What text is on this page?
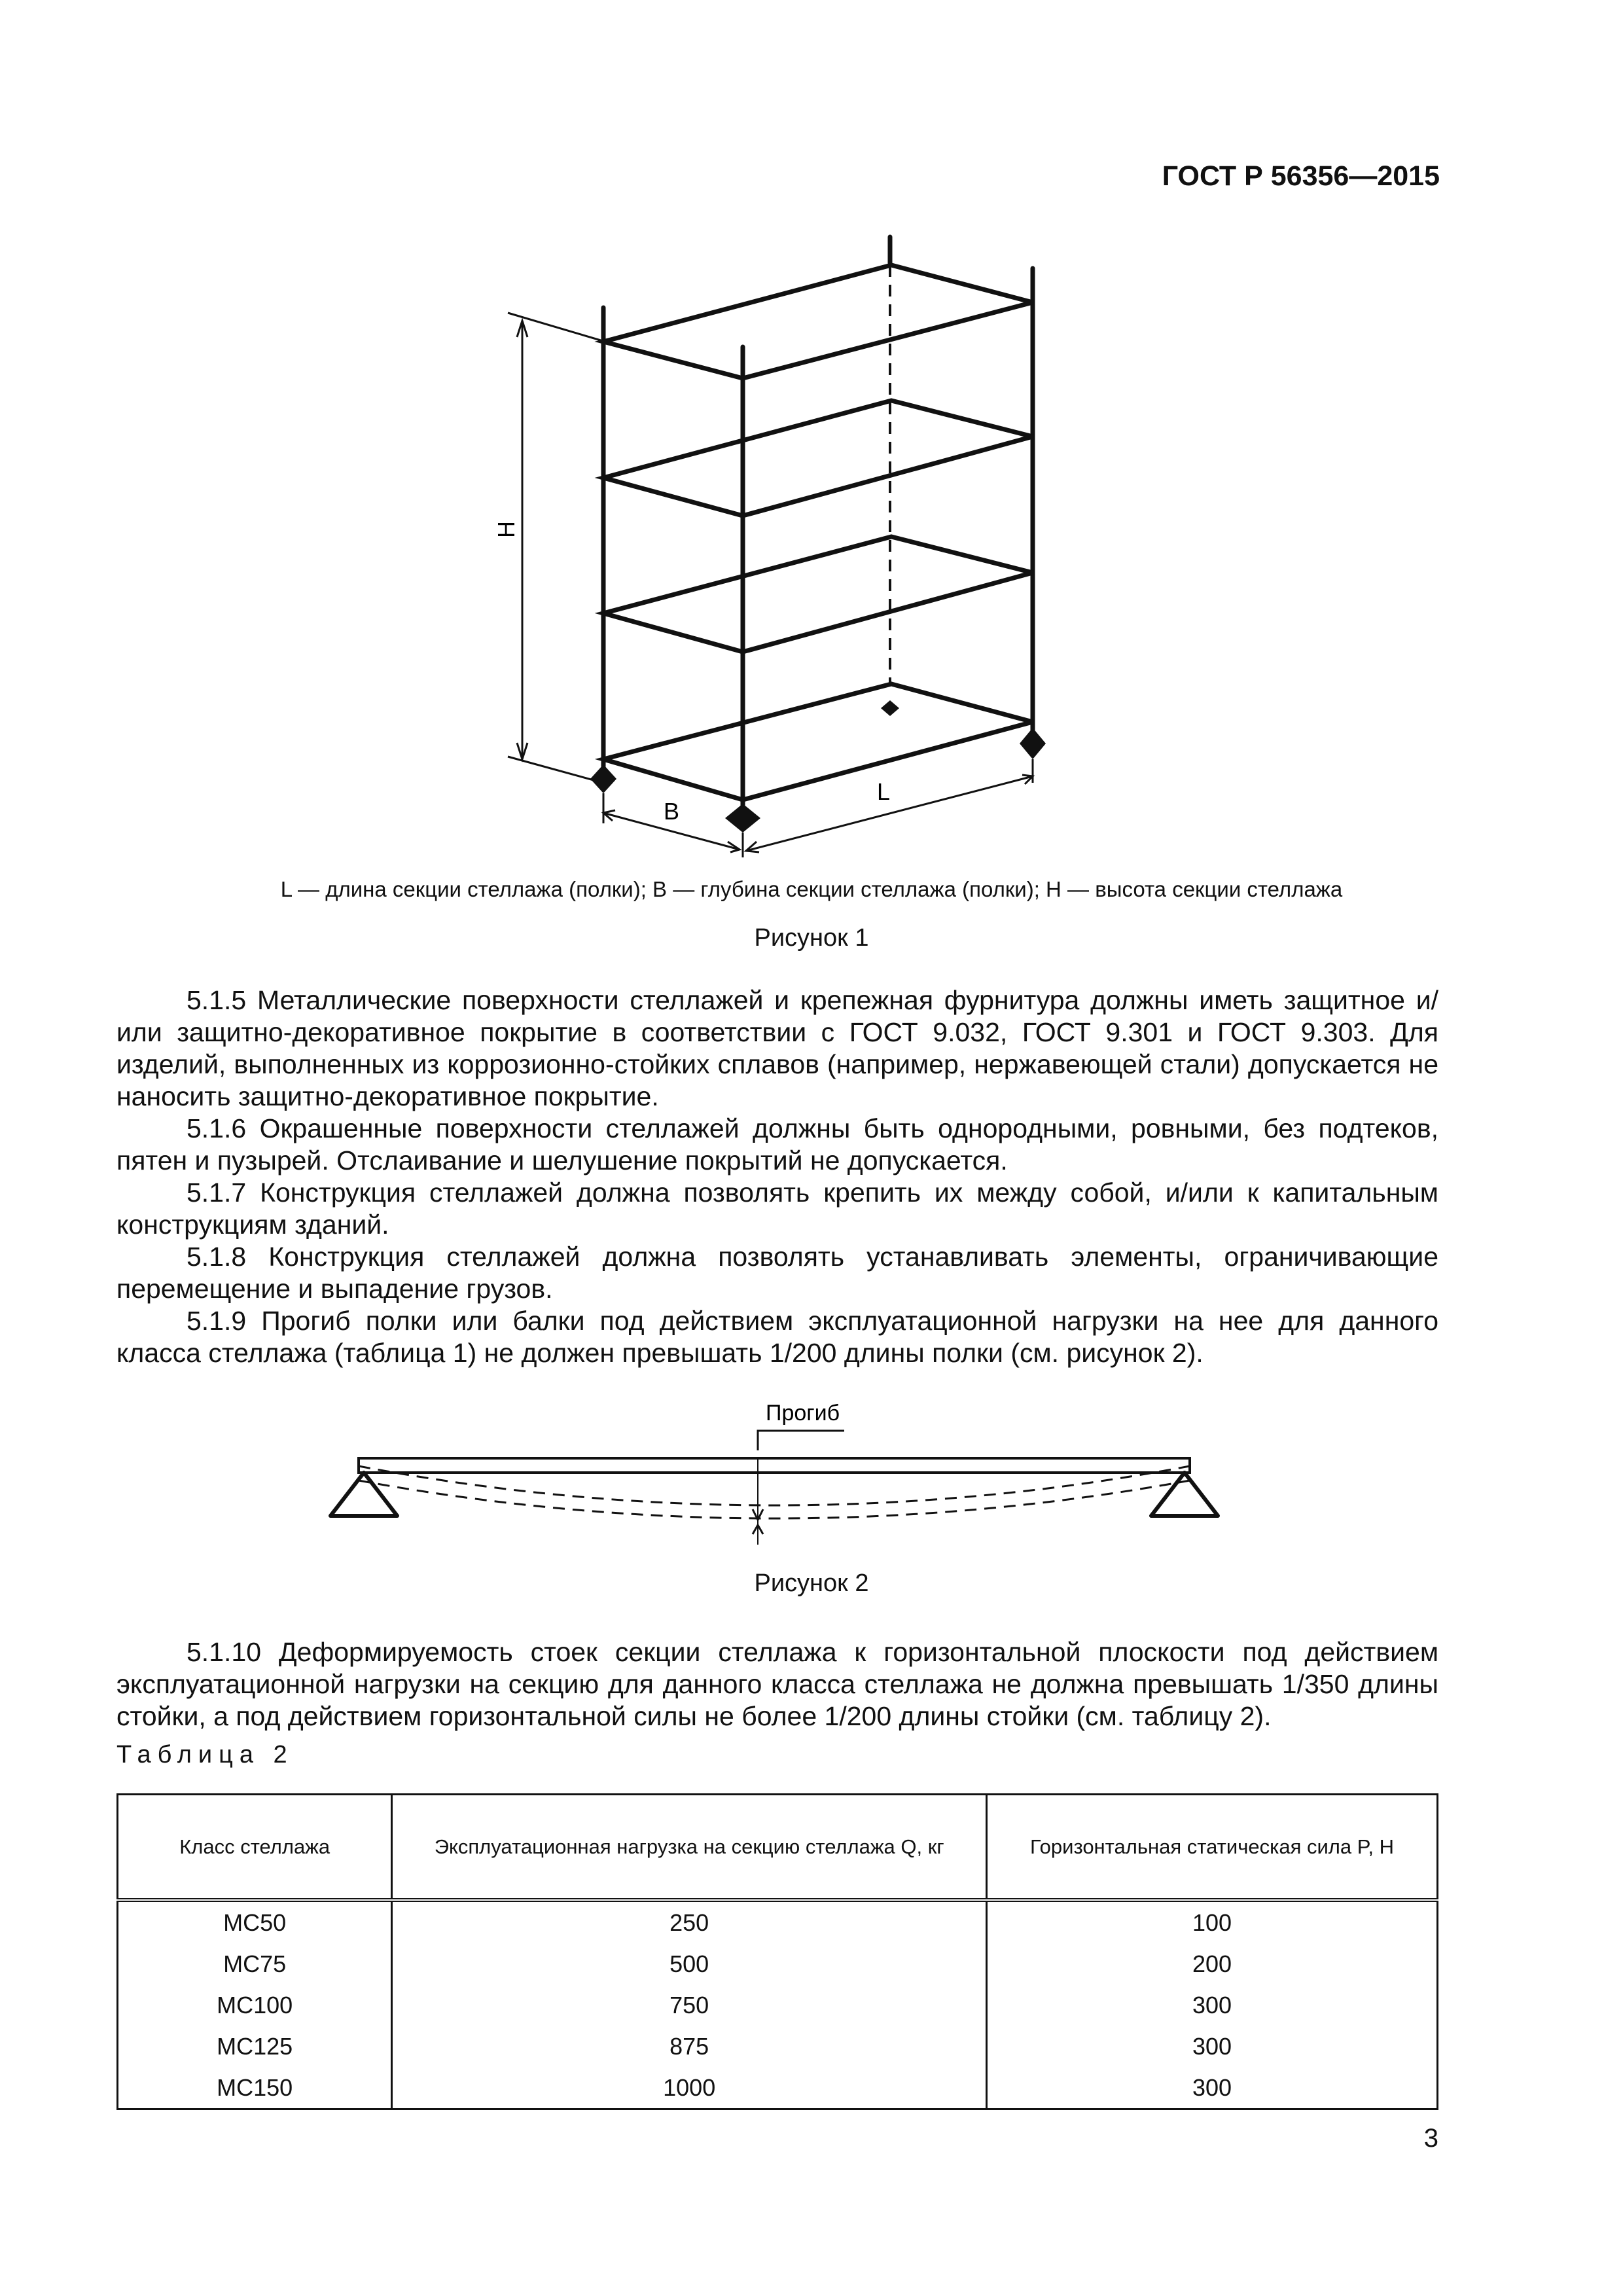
ГОСТ Р 56356—2015
H
B
L
L — длина секции стеллажа (полки); B — глубина секции стеллажа (полки); H — высота секции стеллажа
Рисунок 1
5.1.5 Металлические поверхности стеллажей и крепежная фурнитура должны иметь защитное и/или защитно-декоративное покрытие в соответствии с ГОСТ 9.032, ГОСТ 9.301 и ГОСТ 9.303. Для изделий, выполненных из коррозионно-стойких сплавов (например, нержавеющей стали) допускается не наносить защитно-декоративное покрытие.
5.1.6 Окрашенные поверхности стеллажей должны быть однородными, ровными, без подтеков, пятен и пузырей. Отслаивание и шелушение покрытий не допускается.
5.1.7 Конструкция стеллажей должна позволять крепить их между собой, и/или к капитальным конструкциям зданий.
5.1.8 Конструкция стеллажей должна позволять устанавливать элементы, ограничивающие перемещение и выпадение грузов.
5.1.9 Прогиб полки или балки под действием эксплуатационной нагрузки на нее для данного класса стеллажа (таблица 1) не должен превышать 1/200 длины полки (см. рисунок 2).
Прогиб
Рисунок 2
5.1.10 Деформируемость стоек секции стеллажа к горизонтальной плоскости под действием эксплуатационной нагрузки на секцию для данного класса стеллажа не должна превышать 1/350 длины стойки, а под действием горизонтальной силы не более 1/200 длины стойки (см. таблицу 2).
Таблица 2
Класс стеллажа	Эксплуатационная нагрузка на секцию стеллажа Q, кг	Горизонтальная статическая сила P, Н
МС50	250	100
МС75	500	200
МС100	750	300
МС125	875	300
МС150	1000	300
3
